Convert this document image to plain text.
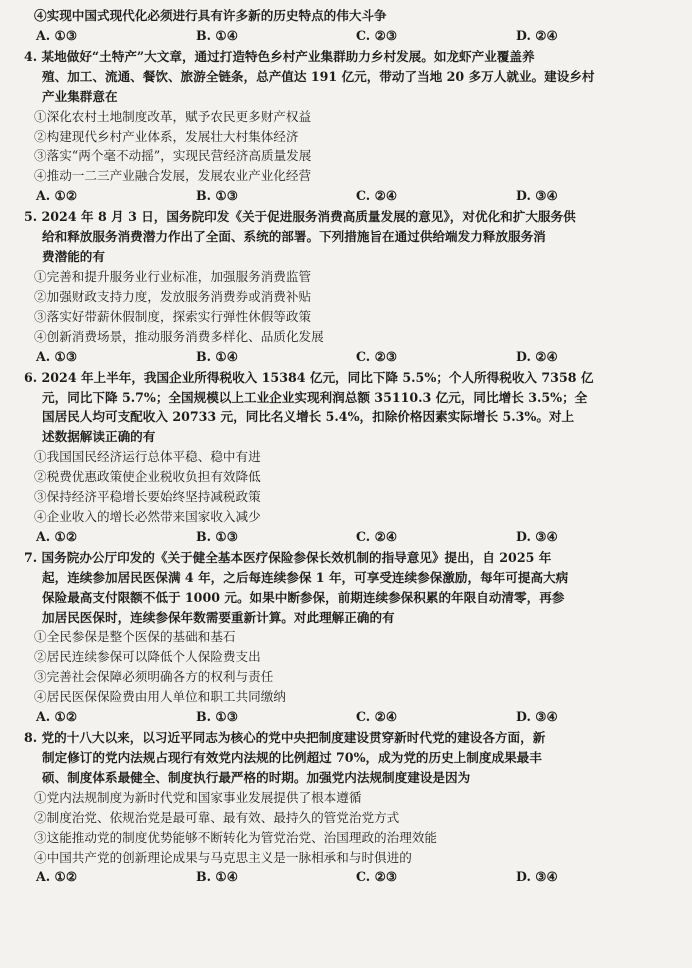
④实现中国式现代化必须进行具有许多新的历史特点的伟大斗争
A. ①③	B. ①④	C. ②③	D. ②④
4. 某地做好“土特产”大文章，通过打造特色乡村产业集群助力乡村发展。如龙虾产业覆盖养
殖、加工、流通、餐饮、旅游全链条，总产值达 191 亿元，带动了当地 20 多万人就业。建设乡村
产业集群意在
①深化农村土地制度改革，赋予农民更多财产权益
②构建现代乡村产业体系，发展壮大村集体经济
③落实“两个毫不动摇”，实现民营经济高质量发展
④推动一二三产业融合发展，发展农业产业化经营
A. ①②	B. ①③	C. ②④	D. ③④
5. 2024 年 8 月 3 日，国务院印发《关于促进服务消费高质量发展的意见》，对优化和扩大服务供
给和释放服务消费潜力作出了全面、系统的部署。下列措施旨在通过供给端发力释放服务消
费潜能的有
①完善和提升服务业行业标准，加强服务消费监管
②加强财政支持力度，发放服务消费券或消费补贴
③落实好带薪休假制度，探索实行弹性休假等政策
④创新消费场景，推动服务消费多样化、品质化发展
A. ①③	B. ①④	C. ②③	D. ②④
6. 2024 年上半年，我国企业所得税收入 15384 亿元，同比下降 5.5%；个人所得税收入 7358 亿
元，同比下降 5.7%；全国规模以上工业企业实现利润总额 35110.3 亿元，同比增长 3.5%；全
国居民人均可支配收入 20733 元，同比名义增长 5.4%，扣除价格因素实际增长 5.3%。对上
述数据解读正确的有
①我国国民经济运行总体平稳、稳中有进
②税费优惠政策使企业税收负担有效降低
③保持经济平稳增长要始终坚持减税政策
④企业收入的增长必然带来国家收入减少
A. ①②	B. ①③	C. ②④	D. ③④
7. 国务院办公厅印发的《关于健全基本医疗保险参保长效机制的指导意见》提出，自 2025 年
起，连续参加居民医保满 4 年，之后每连续参保 1 年，可享受连续参保激励，每年可提高大病
保险最高支付限额不低于 1000 元。如果中断参保，前期连续参保积累的年限自动清零，再参
加居民医保时，连续参保年数需要重新计算。对此理解正确的有
①全民参保是整个医保的基础和基石
②居民连续参保可以降低个人保险费支出
③完善社会保障必须明确各方的权利与责任
④居民医保保险费由用人单位和职工共同缴纳
A. ①②	B. ①③	C. ②④	D. ③④
8. 党的十八大以来，以习近平同志为核心的党中央把制度建设贯穿新时代党的建设各方面，新
制定修订的党内法规占现行有效党内法规的比例超过 70%，成为党的历史上制度成果最丰
硕、制度体系最健全、制度执行最严格的时期。加强党内法规制度建设是因为
①党内法规制度为新时代党和国家事业发展提供了根本遵循
②制度治党、依规治党是最可靠、最有效、最持久的管党治党方式
③这能推动党的制度优势能够不断转化为管党治党、治国理政的治理效能
④中国共产党的创新理论成果与马克思主义是一脉相承和与时俱进的
A. ①②	B. ①④	C. ②③	D. ③④
